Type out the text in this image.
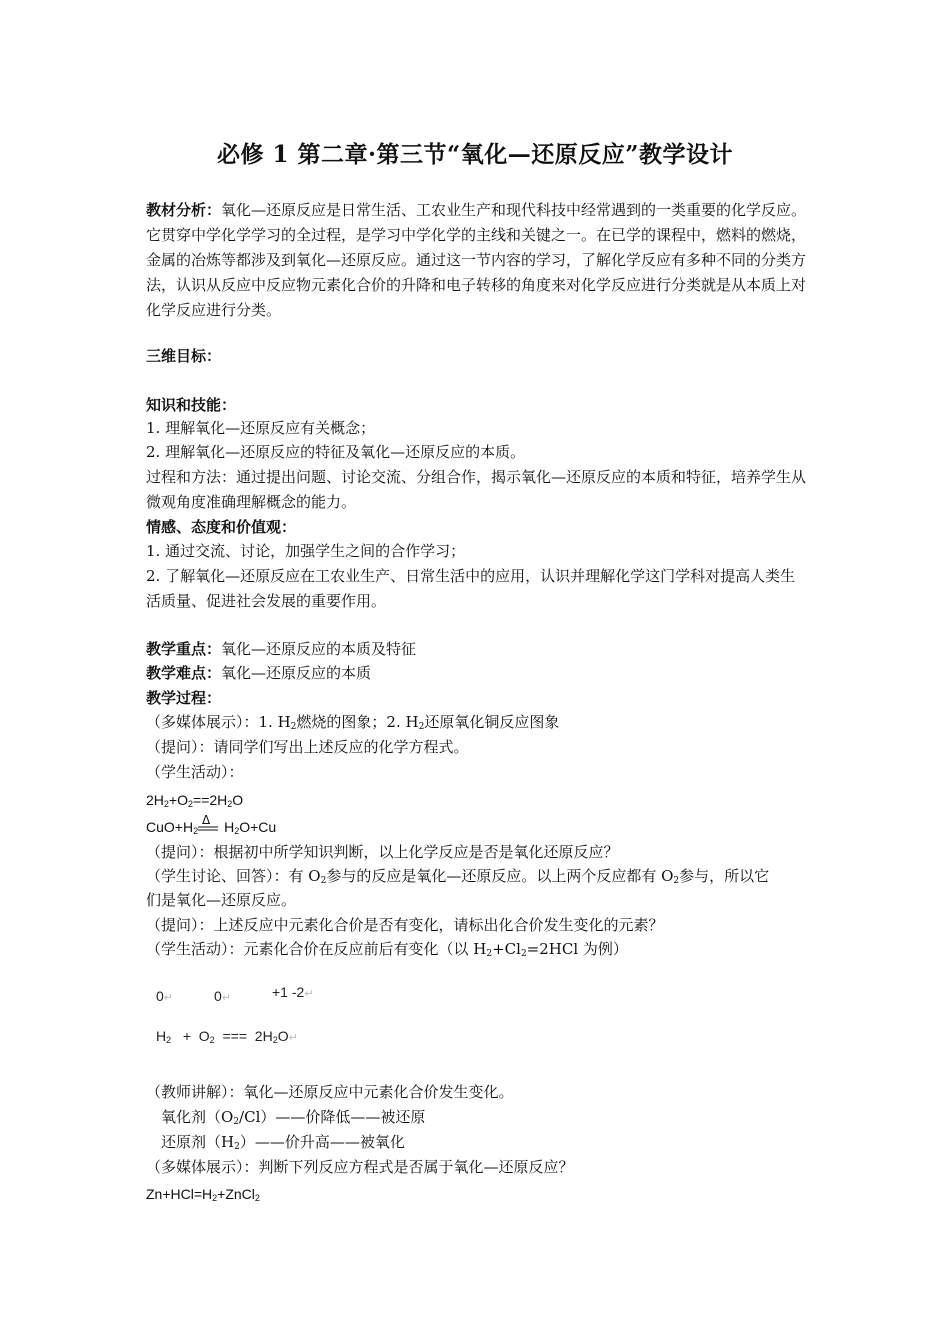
必修 1 第二章·第三节“氧化—还原反应”教学设计
教材分析：氧化—还原反应是日常生活、工农业生产和现代科技中经常遇到的一类重要的化学反应。它贯穿中学化学学习的全过程，是学习中学化学的主线和关键之一。在已学的课程中，燃料的燃烧，金属的冶炼等都涉及到氧化—还原反应。通过这一节内容的学习，了解化学反应有多种不同的分类方法，认识从反应中反应物元素化合价的升降和电子转移的角度来对化学反应进行分类就是从本质上对化学反应进行分类。
三维目标：
知识和技能：
1. 理解氧化—还原反应有关概念；
2. 理解氧化—还原反应的特征及氧化—还原反应的本质。
过程和方法：通过提出问题、讨论交流、分组合作，揭示氧化—还原反应的本质和特征，培养学生从微观角度准确理解概念的能力。
情感、态度和价值观：
1. 通过交流、讨论，加强学生之间的合作学习；
2. 了解氧化—还原反应在工农业生产、日常生活中的应用，认识并理解化学这门学科对提高人类生活质量、促进社会发展的重要作用。
教学重点：氧化—还原反应的本质及特征
教学难点：氧化—还原反应的本质
教学过程：
（多媒体展示）：1. $H_2$燃烧的图象；2. $H_2$还原氧化铜反应图象
（提问）：请同学们写出上述反应的化学方程式。
（学生活动）：
$2H_2+O_2==2H_2O$
$CuO+H_2$ $H_2O+Cu$
Δ
（提问）：根据初中所学知识判断，以上化学反应是否是氧化还原反应？
（学生讨论、回答）：有 $O_2$参与的反应是氧化—还原反应。以上两个反应都有 $O_2$参与，所以它
们是氧化—还原反应。
（提问）：上述反应中元素化合价是否有变化，请标出化合价发生变化的元素？
（学生活动）：元素化合价在反应前后有变化（以 $H_2+Cl_2=2HCl$ 为例）
0↵	0↵	+1 -2↵
$H_2 + O_2$ === $2H_2O↵$
（教师讲解）：氧化—还原反应中元素化合价发生变化。
氧化剂$(O_2/Cl)——$价降低——被还原
还原剂$(H_2)——$价升高——被氧化
（多媒体展示）：判断下列反应方程式是否属于氧化—还原反应？
$Zn+HCl=H_2+ZnCl_2$
